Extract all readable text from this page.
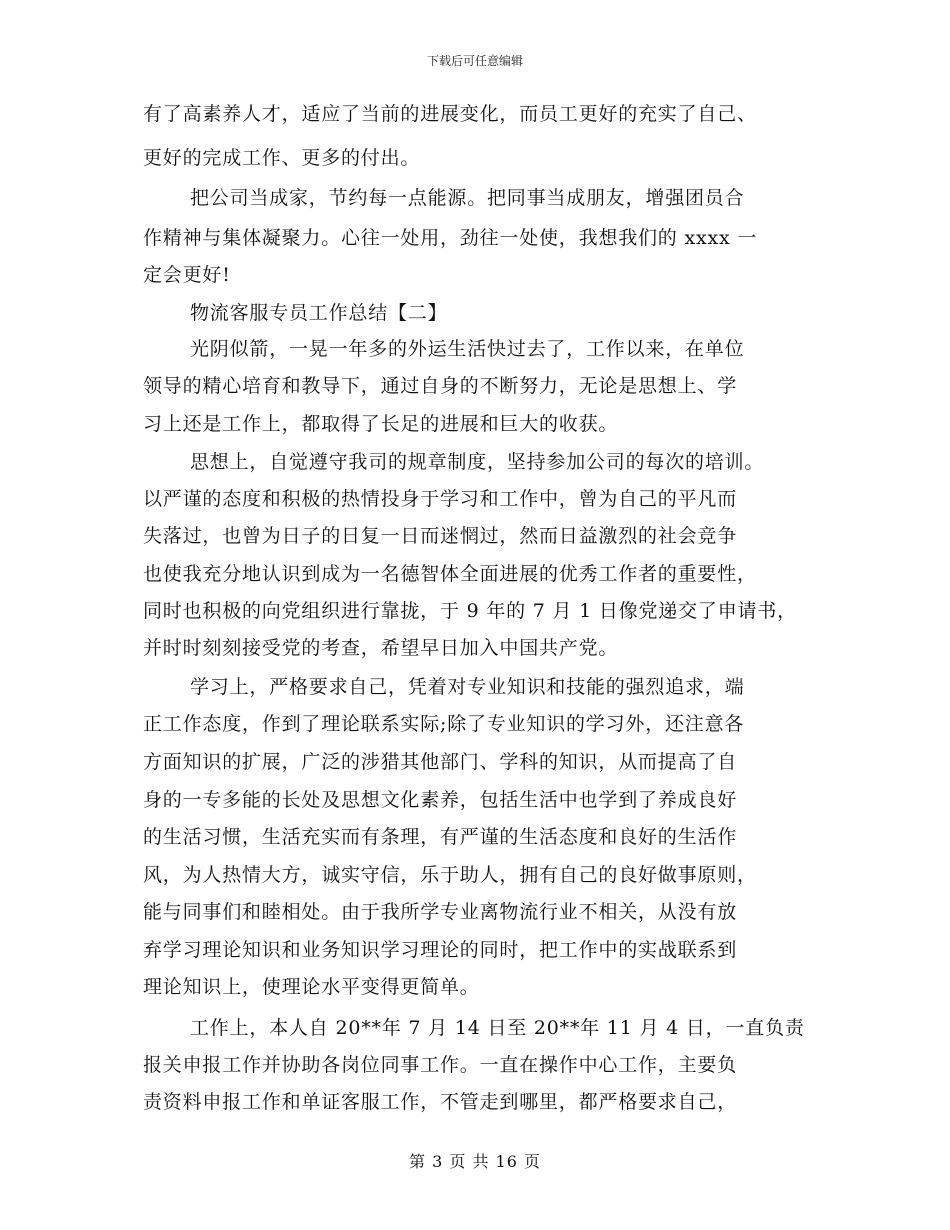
下载后可任意编辑
有了高素养人才，适应了当前的进展变化，而员工更好的充实了自己、
更好的完成工作、更多的付出。
把公司当成家，节约每一点能源。把同事当成朋友，增强团员合
作精神与集体凝聚力。心往一处用，劲往一处使，我想我们的 xxxx 一
定会更好!
物流客服专员工作总结【二】
光阴似箭，一晃一年多的外运生活快过去了，工作以来，在单位
领导的精心培育和教导下，通过自身的不断努力，无论是思想上、学
习上还是工作上，都取得了长足的进展和巨大的收获。
思想上，自觉遵守我司的规章制度，坚持参加公司的每次的培训。
以严谨的态度和积极的热情投身于学习和工作中，曾为自己的平凡而
失落过，也曾为日子的日复一日而迷惘过，然而日益激烈的社会竞争
也使我充分地认识到成为一名德智体全面进展的优秀工作者的重要性，
同时也积极的向党组织进行靠拢，于 9 年的 7 月 1 日像党递交了申请书，
并时时刻刻接受党的考查，希望早日加入中国共产党。
学习上，严格要求自己，凭着对专业知识和技能的强烈追求，端
正工作态度，作到了理论联系实际;除了专业知识的学习外，还注意各
方面知识的扩展，广泛的涉猎其他部门、学科的知识，从而提高了自
身的一专多能的长处及思想文化素养，包括生活中也学到了养成良好
的生活习惯，生活充实而有条理，有严谨的生活态度和良好的生活作
风，为人热情大方，诚实守信，乐于助人，拥有自己的良好做事原则，
能与同事们和睦相处。由于我所学专业离物流行业不相关，从没有放
弃学习理论知识和业务知识学习理论的同时，把工作中的实战联系到
理论知识上，使理论水平变得更简单。
工作上，本人自 20**年 7 月 14 日至 20**年 11 月 4 日，一直负责
报关申报工作并协助各岗位同事工作。一直在操作中心工作，主要负
责资料申报工作和单证客服工作，不管走到哪里，都严格要求自己，
第 3 页 共 16 页
